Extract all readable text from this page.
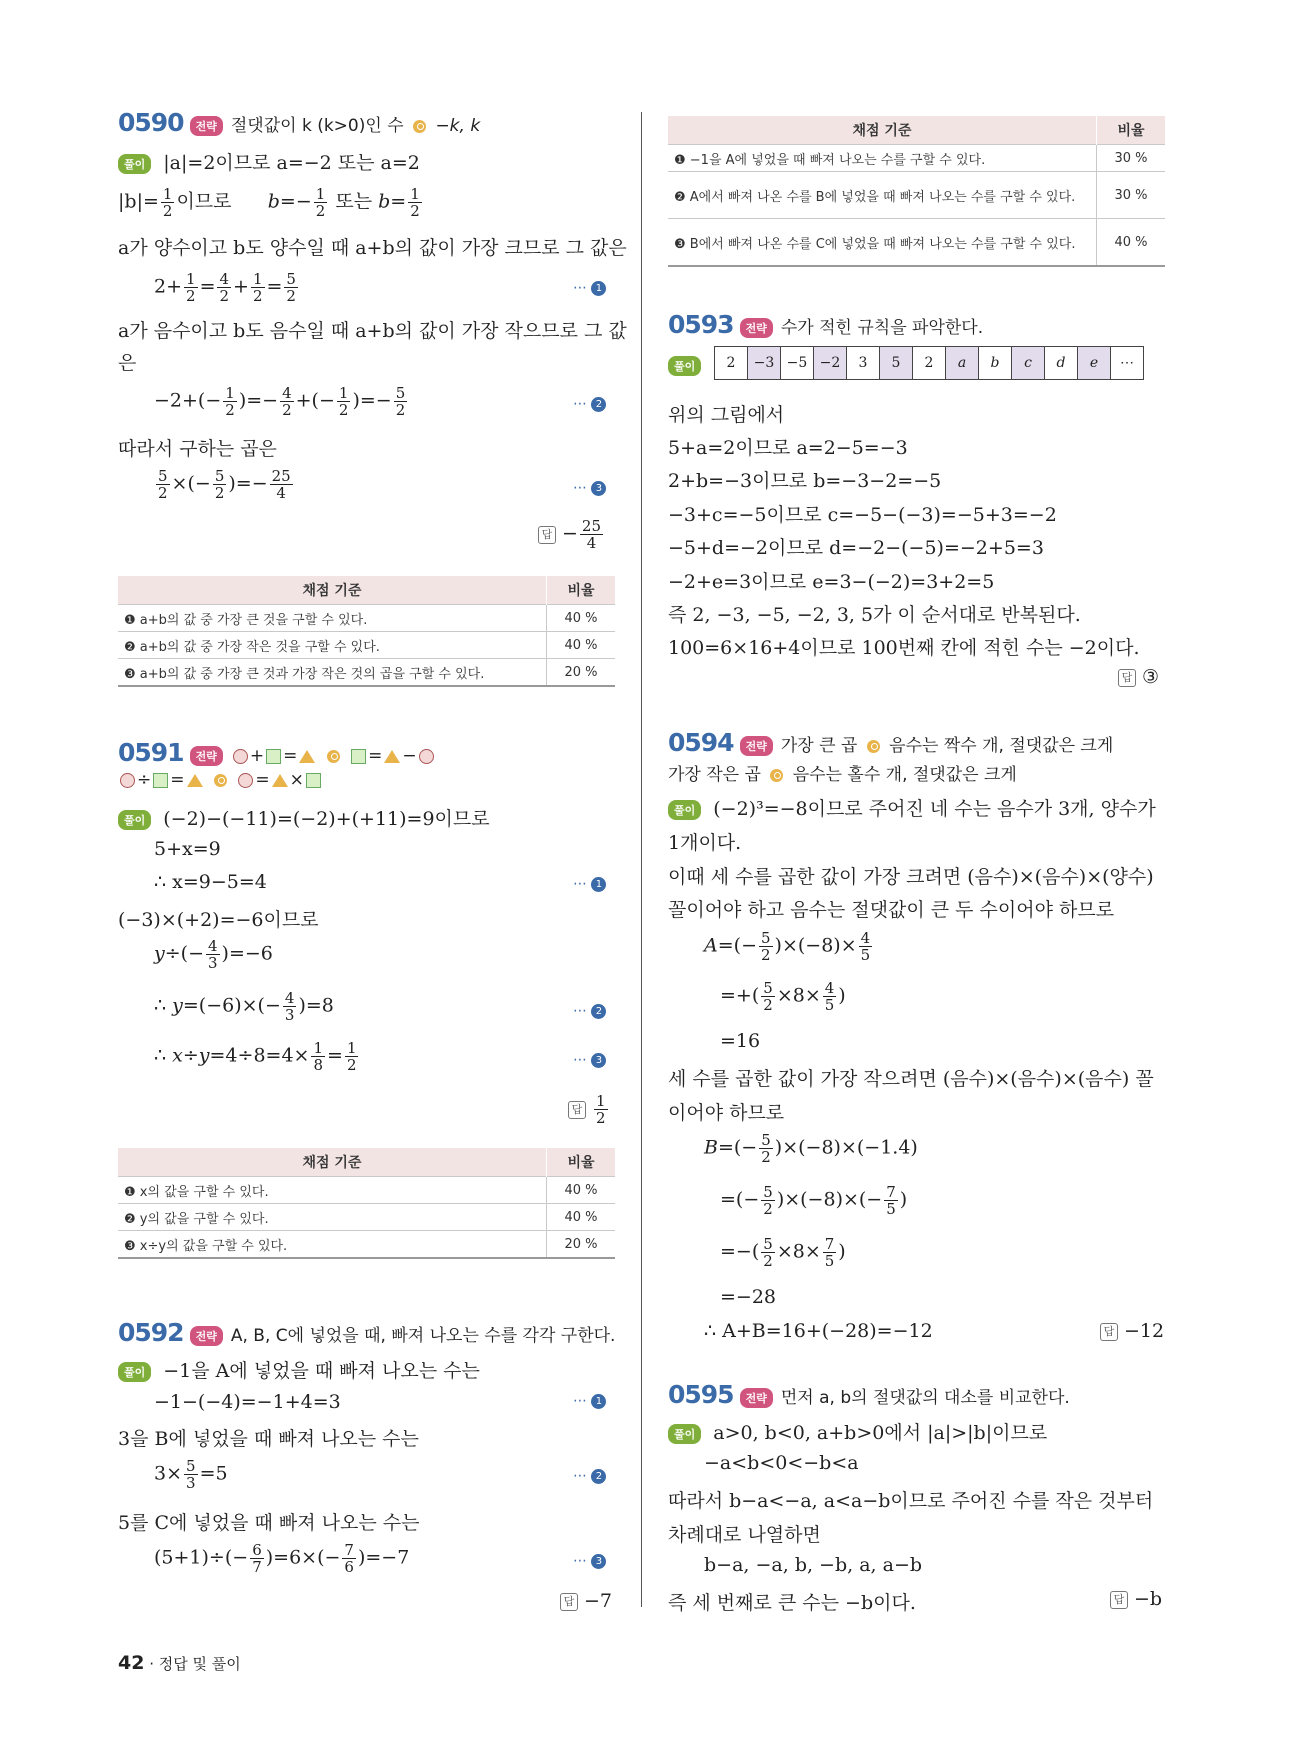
0590 전략 절댓값이 k (k>0)인 수 −k, k
풀이 |a|=2이므로 a=−2 또는 a=2
$|b|= \frac{1}{2}$ 이므로      $b=- \frac{1}{2}$ 또는 $b= \frac{1}{2}$
a가 양수이고 b도 양수일 때 a+b의 값이 가장 크므로 그 값은
$2+ \frac{1}{2} = \frac{4}{2} + \frac{1}{2} = \frac{5}{2}$	⋯ 1
a가 음수이고 b도 음수일 때 a+b의 값이 가장 작으므로 그 값
은
$-2+(- \frac{1}{2}$ )=− $\frac{4}{2}$ +(− $\frac{1}{2}$ )=− $\frac{5}{2}$	⋯ 2
따라서 구하는 곱은
$\frac{5}{2}$ ×(− $\frac{5}{2}$ )=− $\frac{25}{4}$	⋯ 3
답 − $\frac{25}{4}$
채점 기준	비율
❶ a+b의 값 중 가장 큰 것을 구할 수 있다.	40 %
❷ a+b의 값 중 가장 작은 것을 구할 수 있다.	40 %
❸ a+b의 값 중 가장 큰 것과 가장 작은 것의 곱을 구할 수 있다.	20 %
0591 전략 + =	= −
÷ =	= ×
풀이 (−2)−(−11)=(−2)+(+11)=9이므로
5+x=9
∴ x=9−5=4	⋯ 1
(−3)×(+2)=−6이므로
$y\div(- \frac{4}{3} )=-6$
∴ $y=(-6)\times(- \frac{4}{3} )=8$	⋯ 2
∴ $x\div y=4\div 8=4\times \frac{1}{8} = \frac{1}{2}$	⋯ 3
답 $\frac{1}{2}$
채점 기준	비율
❶ x의 값을 구할 수 있다.	40 %
❷ y의 값을 구할 수 있다.	40 %
❸ x÷y의 값을 구할 수 있다.	20 %
0592 전략 A, B, C에 넣었을 때, 빠져 나오는 수를 각각 구한다.
풀이 −1을 A에 넣었을 때 빠져 나오는 수는
−1−(−4)=−1+4=3	⋯ 1
3을 B에 넣었을 때 빠져 나오는 수는
$3\times \frac{5}{3} =5$	⋯ 2
5를 C에 넣었을 때 빠져 나오는 수는
$(5+1)\div(- \frac{6}{7} )=6\times(- \frac{7}{6} )=-7$	⋯ 3
답 −7
채점 기준	비율
❶ −1을 A에 넣었을 때 빠져 나오는 수를 구할 수 있다.	30 %
❷ A에서 빠져 나온 수를 B에 넣었을 때 빠져 나오는 수를 구할 수 있다.	30 %
❸ B에서 빠져 나온 수를 C에 넣었을 때 빠져 나오는 수를 구할 수 있다.	40 %
0593 전략 수가 적힌 규칙을 파악한다.
풀이	2	−3	−5	−2	3	5	2	a	b	c	d	e	⋯
위의 그림에서
5+a=2이므로 a=2−5=−3
2+b=−3이므로 b=−3−2=−5
−3+c=−5이므로 c=−5−(−3)=−5+3=−2
−5+d=−2이므로 d=−2−(−5)=−2+5=3
−2+e=3이므로 e=3−(−2)=3+2=5
즉 2, −3, −5, −2, 3, 5가 이 순서대로 반복된다.
100=6×16+4이므로 100번째 칸에 적힌 수는 −2이다.
답 ③
0594 전략 가장 큰 곱 음수는 짝수 개, 절댓값은 크게
가장 작은 곱 음수는 홀수 개, 절댓값은 크게
풀이 (−2)³=−8이므로 주어진 네 수는 음수가 3개, 양수가
1개이다.
이때 세 수를 곱한 값이 가장 크려면 (음수)×(음수)×(양수)
꼴이어야 하고 음수는 절댓값이 큰 두 수이어야 하므로
$A=(- \frac{5}{2} )\times(-8)\times \frac{4}{5}$
=+( $\frac{5}{2} \times 8\times \frac{4}{5}$ )
=16
세 수를 곱한 값이 가장 작으려면 (음수)×(음수)×(음수) 꼴
이어야 하므로
$B=(- \frac{5}{2} )\times(-8)\times(-1.4)$
=(− $\frac{5}{2} )\times(-8)\times(- \frac{7}{5}$ )
=−( $\frac{5}{2} \times 8\times \frac{7}{5}$ )
=−28
∴ A+B=16+(−28)=−12	답 −12
0595 전략 먼저 a, b의 절댓값의 대소를 비교한다.
풀이 a>0, b<0, a+b>0에서 |a|>|b|이므로
−a<b<0<−b<a
따라서 b−a<−a, a<a−b이므로 주어진 수를 작은 것부터
차례대로 나열하면
b−a, −a, b, −b, a, a−b
즉 세 번째로 큰 수는 −b이다.	답 −b
42 · 정답 및 풀이
